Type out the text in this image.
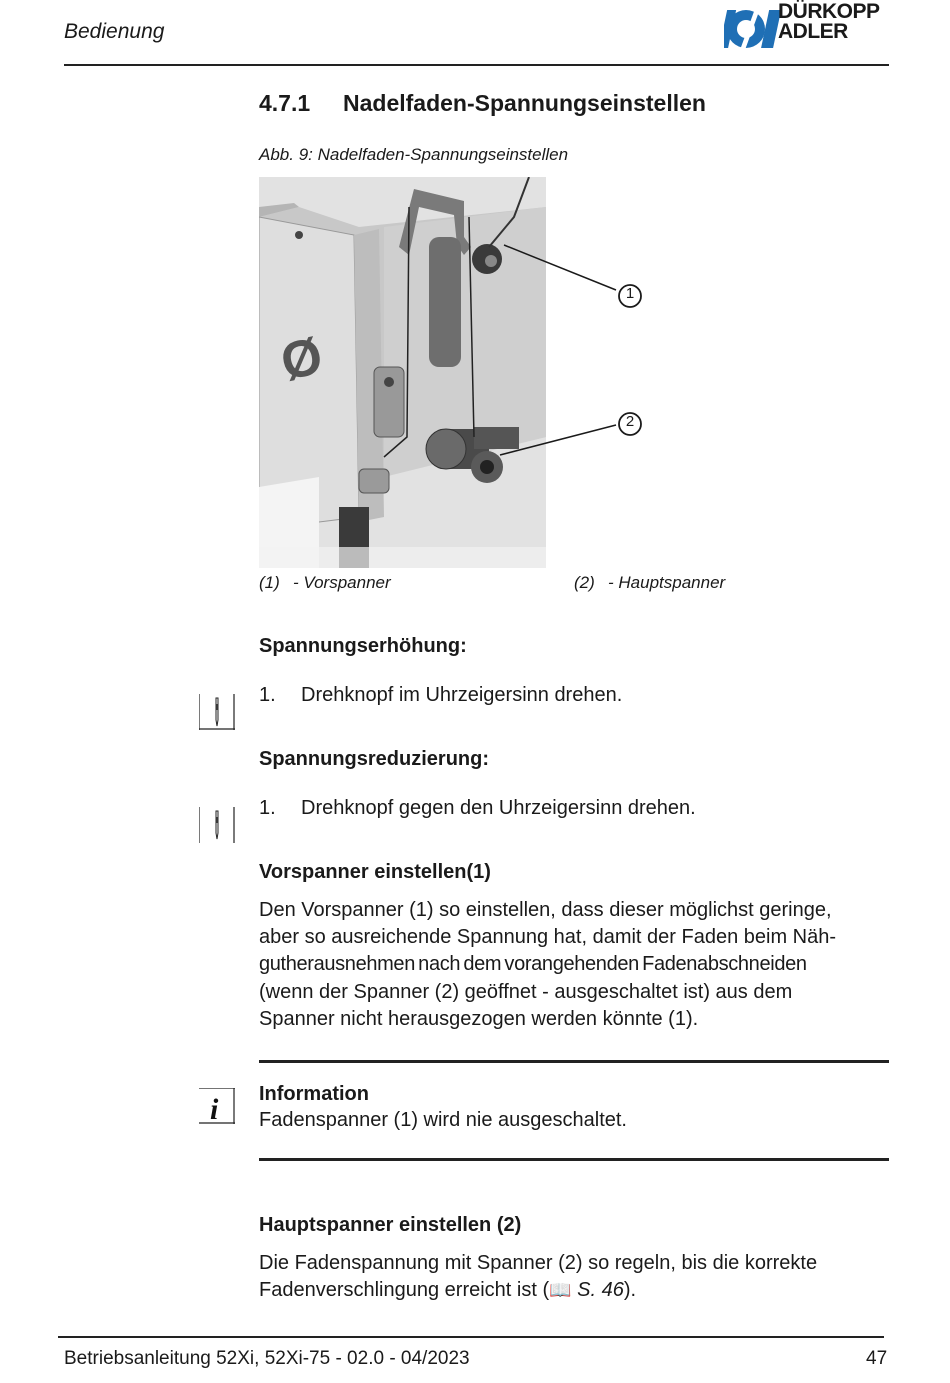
Bedienung
DÜRKOPP
ADLER
4.7.1 Nadelfaden-Spannungseinstellen
Abb. 9: Nadelfaden-Spannungseinstellen
Ø
1
2
(1) - Vorspanner	(2) - Hauptspanner
Spannungserhöhung:
1. Drehknopf im Uhrzeigersinn drehen.
Spannungsreduzierung:
1. Drehknopf gegen den Uhrzeigersinn drehen.
Vorspanner einstellen(1)
Den Vorspanner (1) so einstellen, dass dieser möglichst geringe,
aber so ausreichende Spannung hat, damit der Faden beim Näh-
gutherausnehmen nach dem vorangehenden Fadenabschneiden
(wenn der Spanner (2) geöffnet - ausgeschaltet ist) aus dem
Spanner nicht herausgezogen werden könnte (1).
i Information
Fadenspanner (1) wird nie ausgeschaltet.
Hauptspanner einstellen (2)
Die Fadenspannung mit Spanner (2) so regeln, bis die korrekte
Fadenverschlingung erreicht ist (📖 S. 46).
Betriebsanleitung 52Xi, 52Xi-75 - 02.0 - 04/2023	47
